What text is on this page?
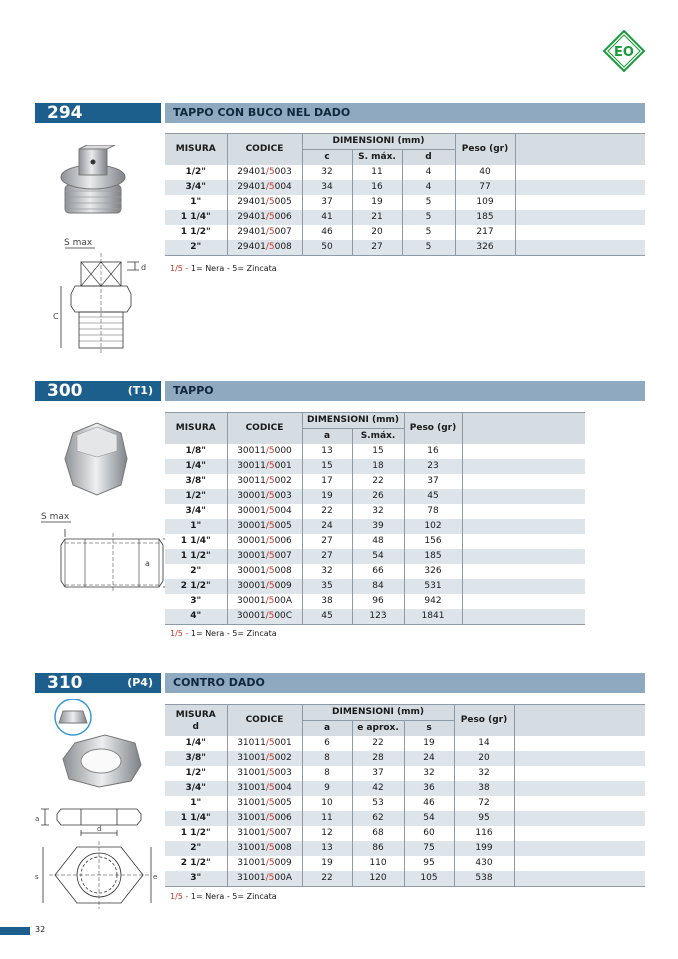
EO
294	TAPPO CON BUCO NEL DADO
S max
d
C
MISURA	CODICE	DIMENSIONI (mm)			Peso (gr)	
		c	S. máx.	d		
1/2"	29401/5003	32	11	4	40	
3/4"	29401/5004	34	16	4	77	
1"	29401/5005	37	19	5	109	
1 1/4"	29401/5006	41	21	5	185	
1 1/2"	29401/5007	46	20	5	217	
2"	29401/5008	50	27	5	326	
1/5 - 1= Nera - 5= Zincata
300	(T1)	TAPPO
S max
a
MISURA	CODICE	DIMENSIONI (mm)		Peso (gr)	
		a	S.máx.		
1/8"	30011/5000	13	15	16	
1/4"	30011/5001	15	18	23	
3/8"	30011/5002	17	22	37	
1/2"	30001/5003	19	26	45	
3/4"	30001/5004	22	32	78	
1"	30001/5005	24	39	102	
1 1/4"	30001/5006	27	48	156	
1 1/2"	30001/5007	27	54	185	
2"	30001/5008	32	66	326	
2 1/2"	30001/5009	35	84	531	
3"	30001/500A	38	96	942	
4"	30001/500C	45	123	1841	
1/5 - 1= Nera - 5= Zincata
310	(P4)	CONTRO DADO
a
d
s	e
MISURA
d	CODICE	DIMENSIONI (mm)			Peso (gr)	
		a	e aprox.	s		
1/4"	31011/5001	6	22	19	14	
3/8"	31001/5002	8	28	24	20	
1/2"	31001/5003	8	37	32	32	
3/4"	31001/5004	9	42	36	38	
1"	31001/5005	10	53	46	72	
1 1/4"	31001/5006	11	62	54	95	
1 1/2"	31001/5007	12	68	60	116	
2"	31001/5008	13	86	75	199	
2 1/2"	31001/5009	19	110	95	430	
3"	31001/500A	22	120	105	538	
1/5 - 1= Nera - 5= Zincata
32
